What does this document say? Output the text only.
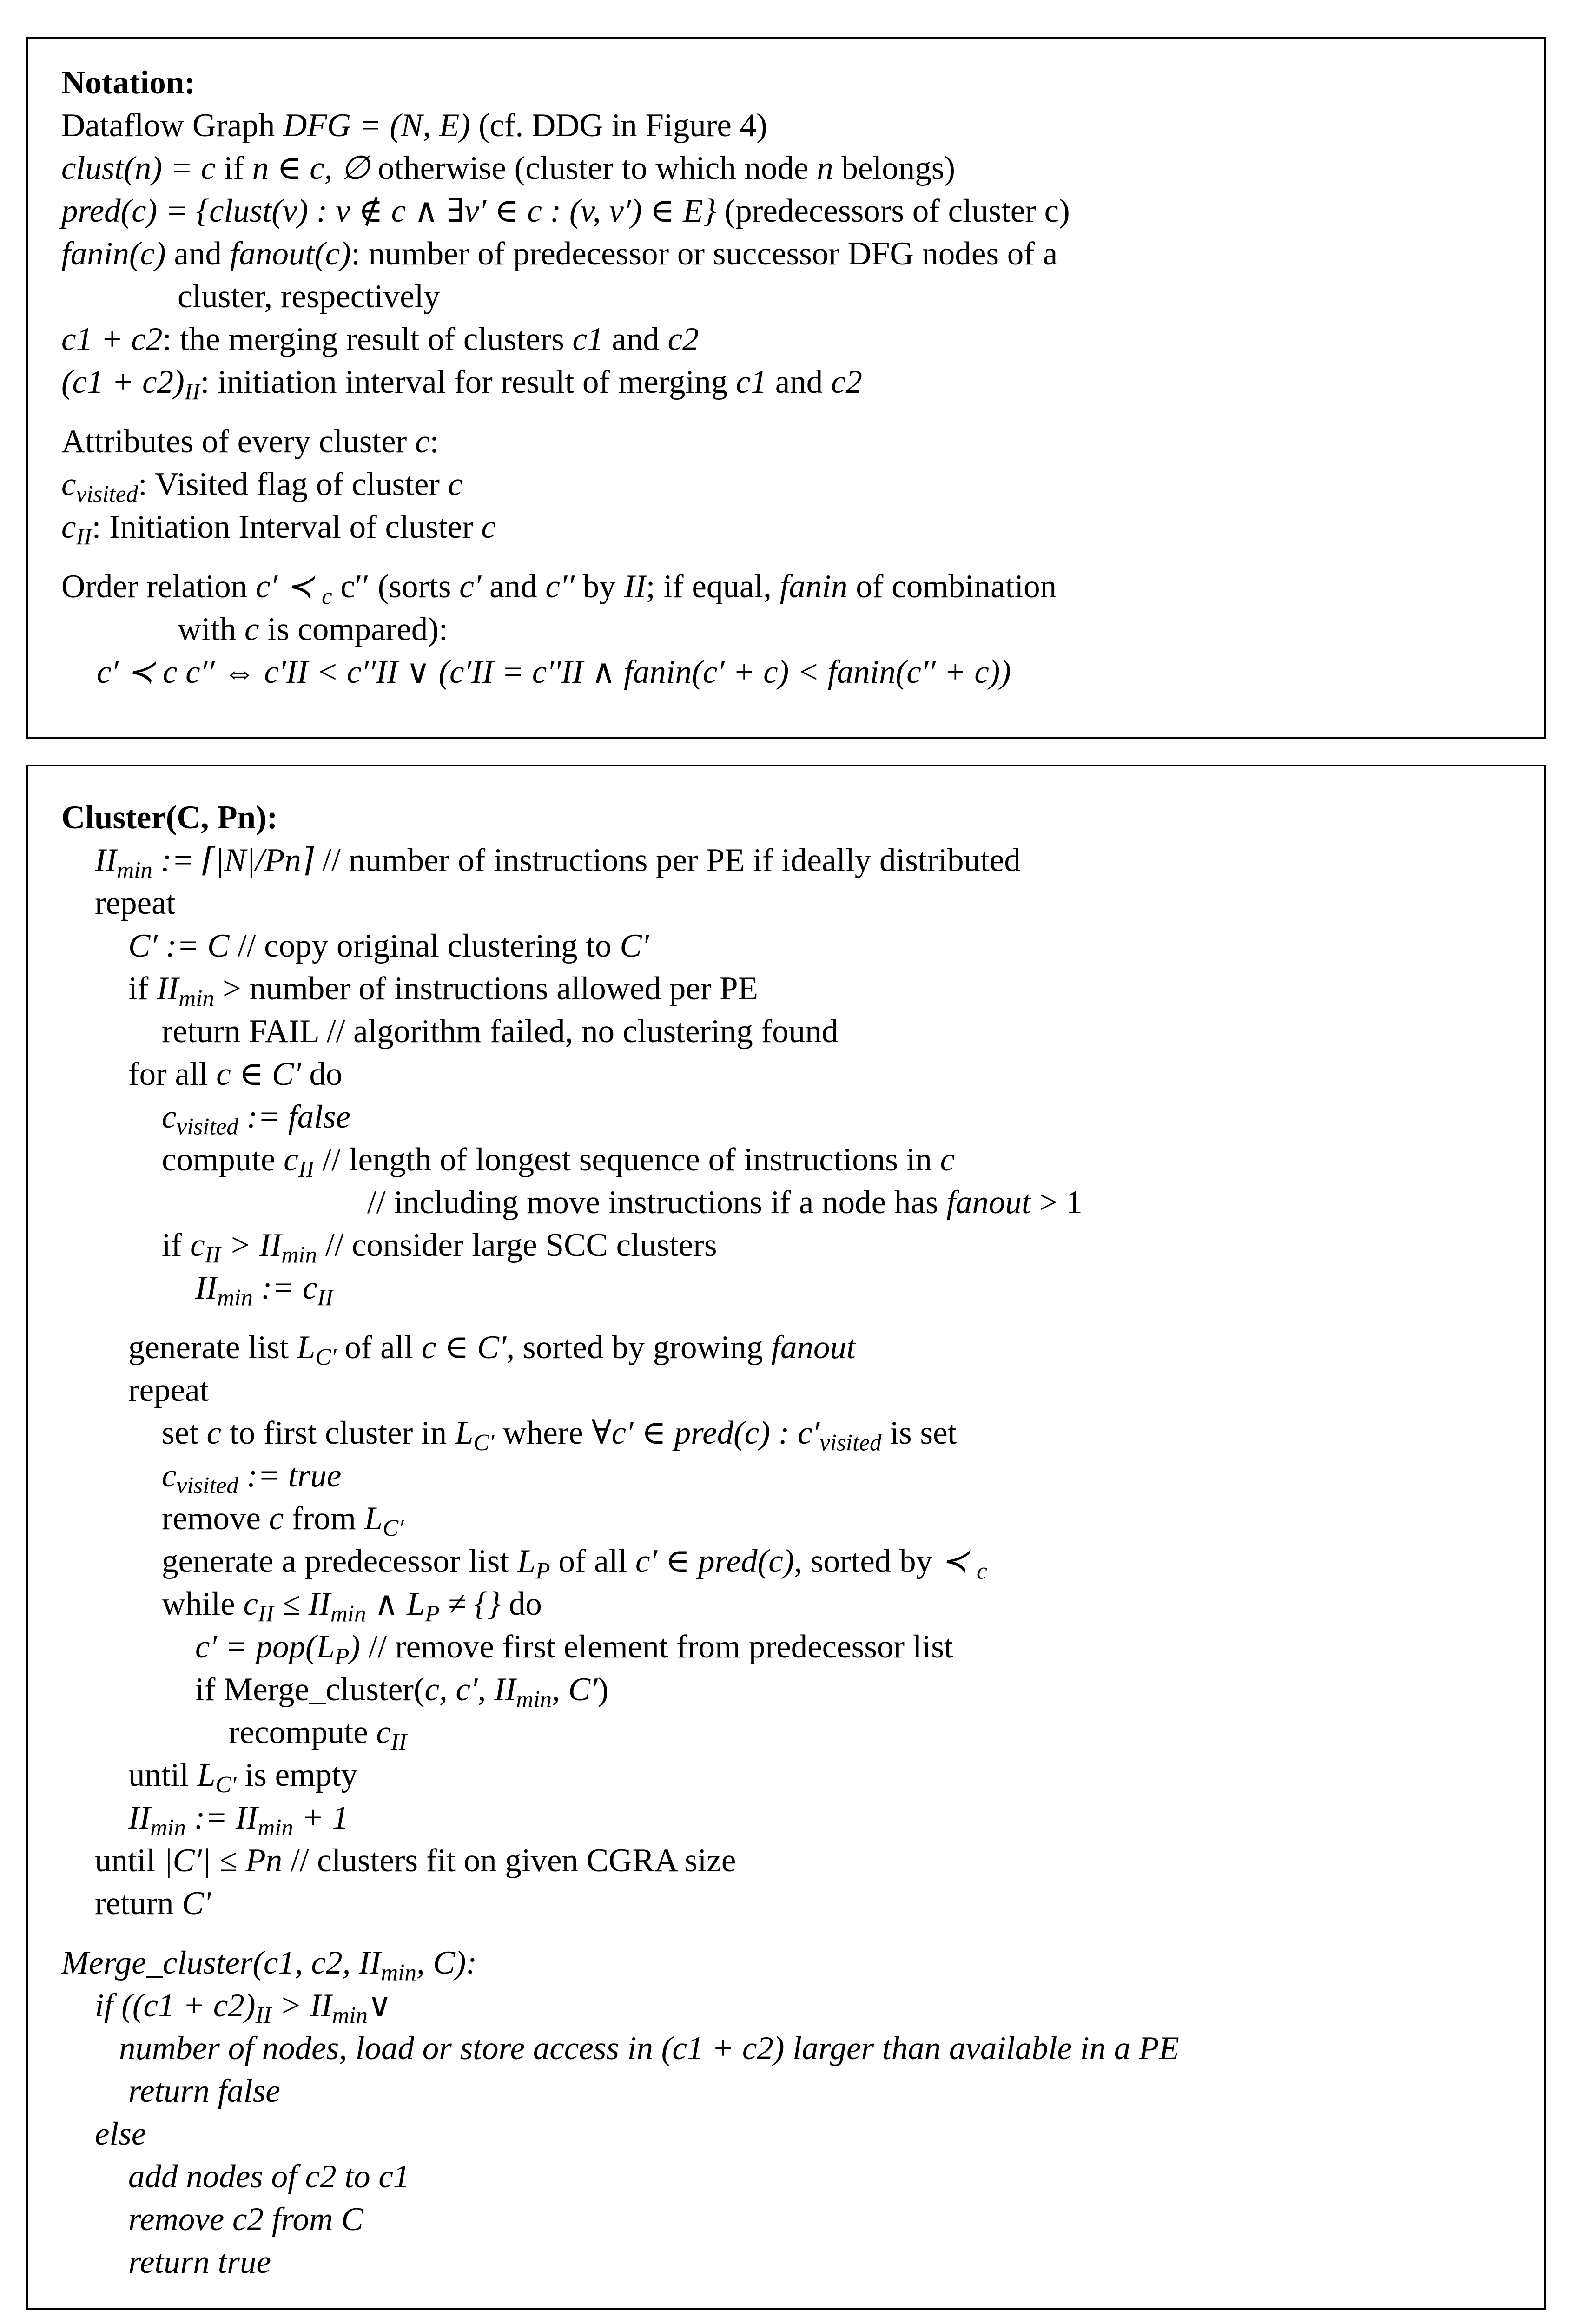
Notation:
Dataflow Graph DFG = (N, E) (cf. DDG in Figure 4)
clust(n) = c if n ∈ c, ∅ otherwise (cluster to which node n belongs)
pred(c) = {clust(v) : v ∉ c ∧ ∃v′ ∈ c : (v, v′) ∈ E} (predecessors of cluster c)
fanin(c) and fanout(c): number of predecessor or successor DFG nodes of a
cluster, respectively
c1 + c2: the merging result of clusters c1 and c2
$(c1 + c2)_{II}$: initiation interval for result of merging c1 and c2
Attributes of every cluster c:
$c_{visited}$: Visited flag of cluster c
$c_{II}$: Initiation Interval of cluster c
Order relation c′ ≺ $_c$ c′′ (sorts c′ and c′′ by II; if equal, fanin of combination
with c is compared):
c′ ≺ c c′′ ⇔ c′II < c′′II ∨ (c′II = c′′II ∧ fanin(c′ + c) < fanin(c′′ + c))
Cluster(C, Pn):
$II_{min}$ := ⌈|N|/Pn⌉ // number of instructions per PE if ideally distributed
repeat
C′ := C // copy original clustering to C′
if $II_{min}$ > number of instructions allowed per PE
return FAIL // algorithm failed, no clustering found
for all c ∈ C′ do
$c_{visited}$ := false
compute $c_{II}$ // length of longest sequence of instructions in c
// including move instructions if a node has fanout > 1
if $c_{II} > II_{min}$ // consider large SCC clusters
$II_{min}$ := $c_{II}$
generate list $L_{C'}$ of all c ∈ C′, sorted by growing fanout
repeat
set c to first cluster in $L_{C'}$ where ∀c′ ∈ pred(c) : $c'_{visited}$ is set
$c_{visited}$ := true
remove c from $L_{C'}$
generate a predecessor list $L_P$ of all c′ ∈ pred(c), sorted by ≺ $_c$
while $c_{II} \le II_{min}$ ∧ $L_P$ ≠ {} do
$c' = pop(L_P)$ // remove first element from predecessor list
if Merge_cluster(c, c′, $II_{min}$, C′)
recompute $c_{II}$
until $L_{C'}$ is empty
$II_{min}$ := $II_{min} + 1$
until |C′| ≤ Pn // clusters fit on given CGRA size
return C′
Merge_cluster(c1, c2, $II_{min}$, C):
if ($(c1 + c2)_{II}$ > $II_{min}\vee$
number of nodes, load or store access in (c1 + c2) larger than available in a PE
return false
else
add nodes of c2 to c1
remove c2 from C
return true
